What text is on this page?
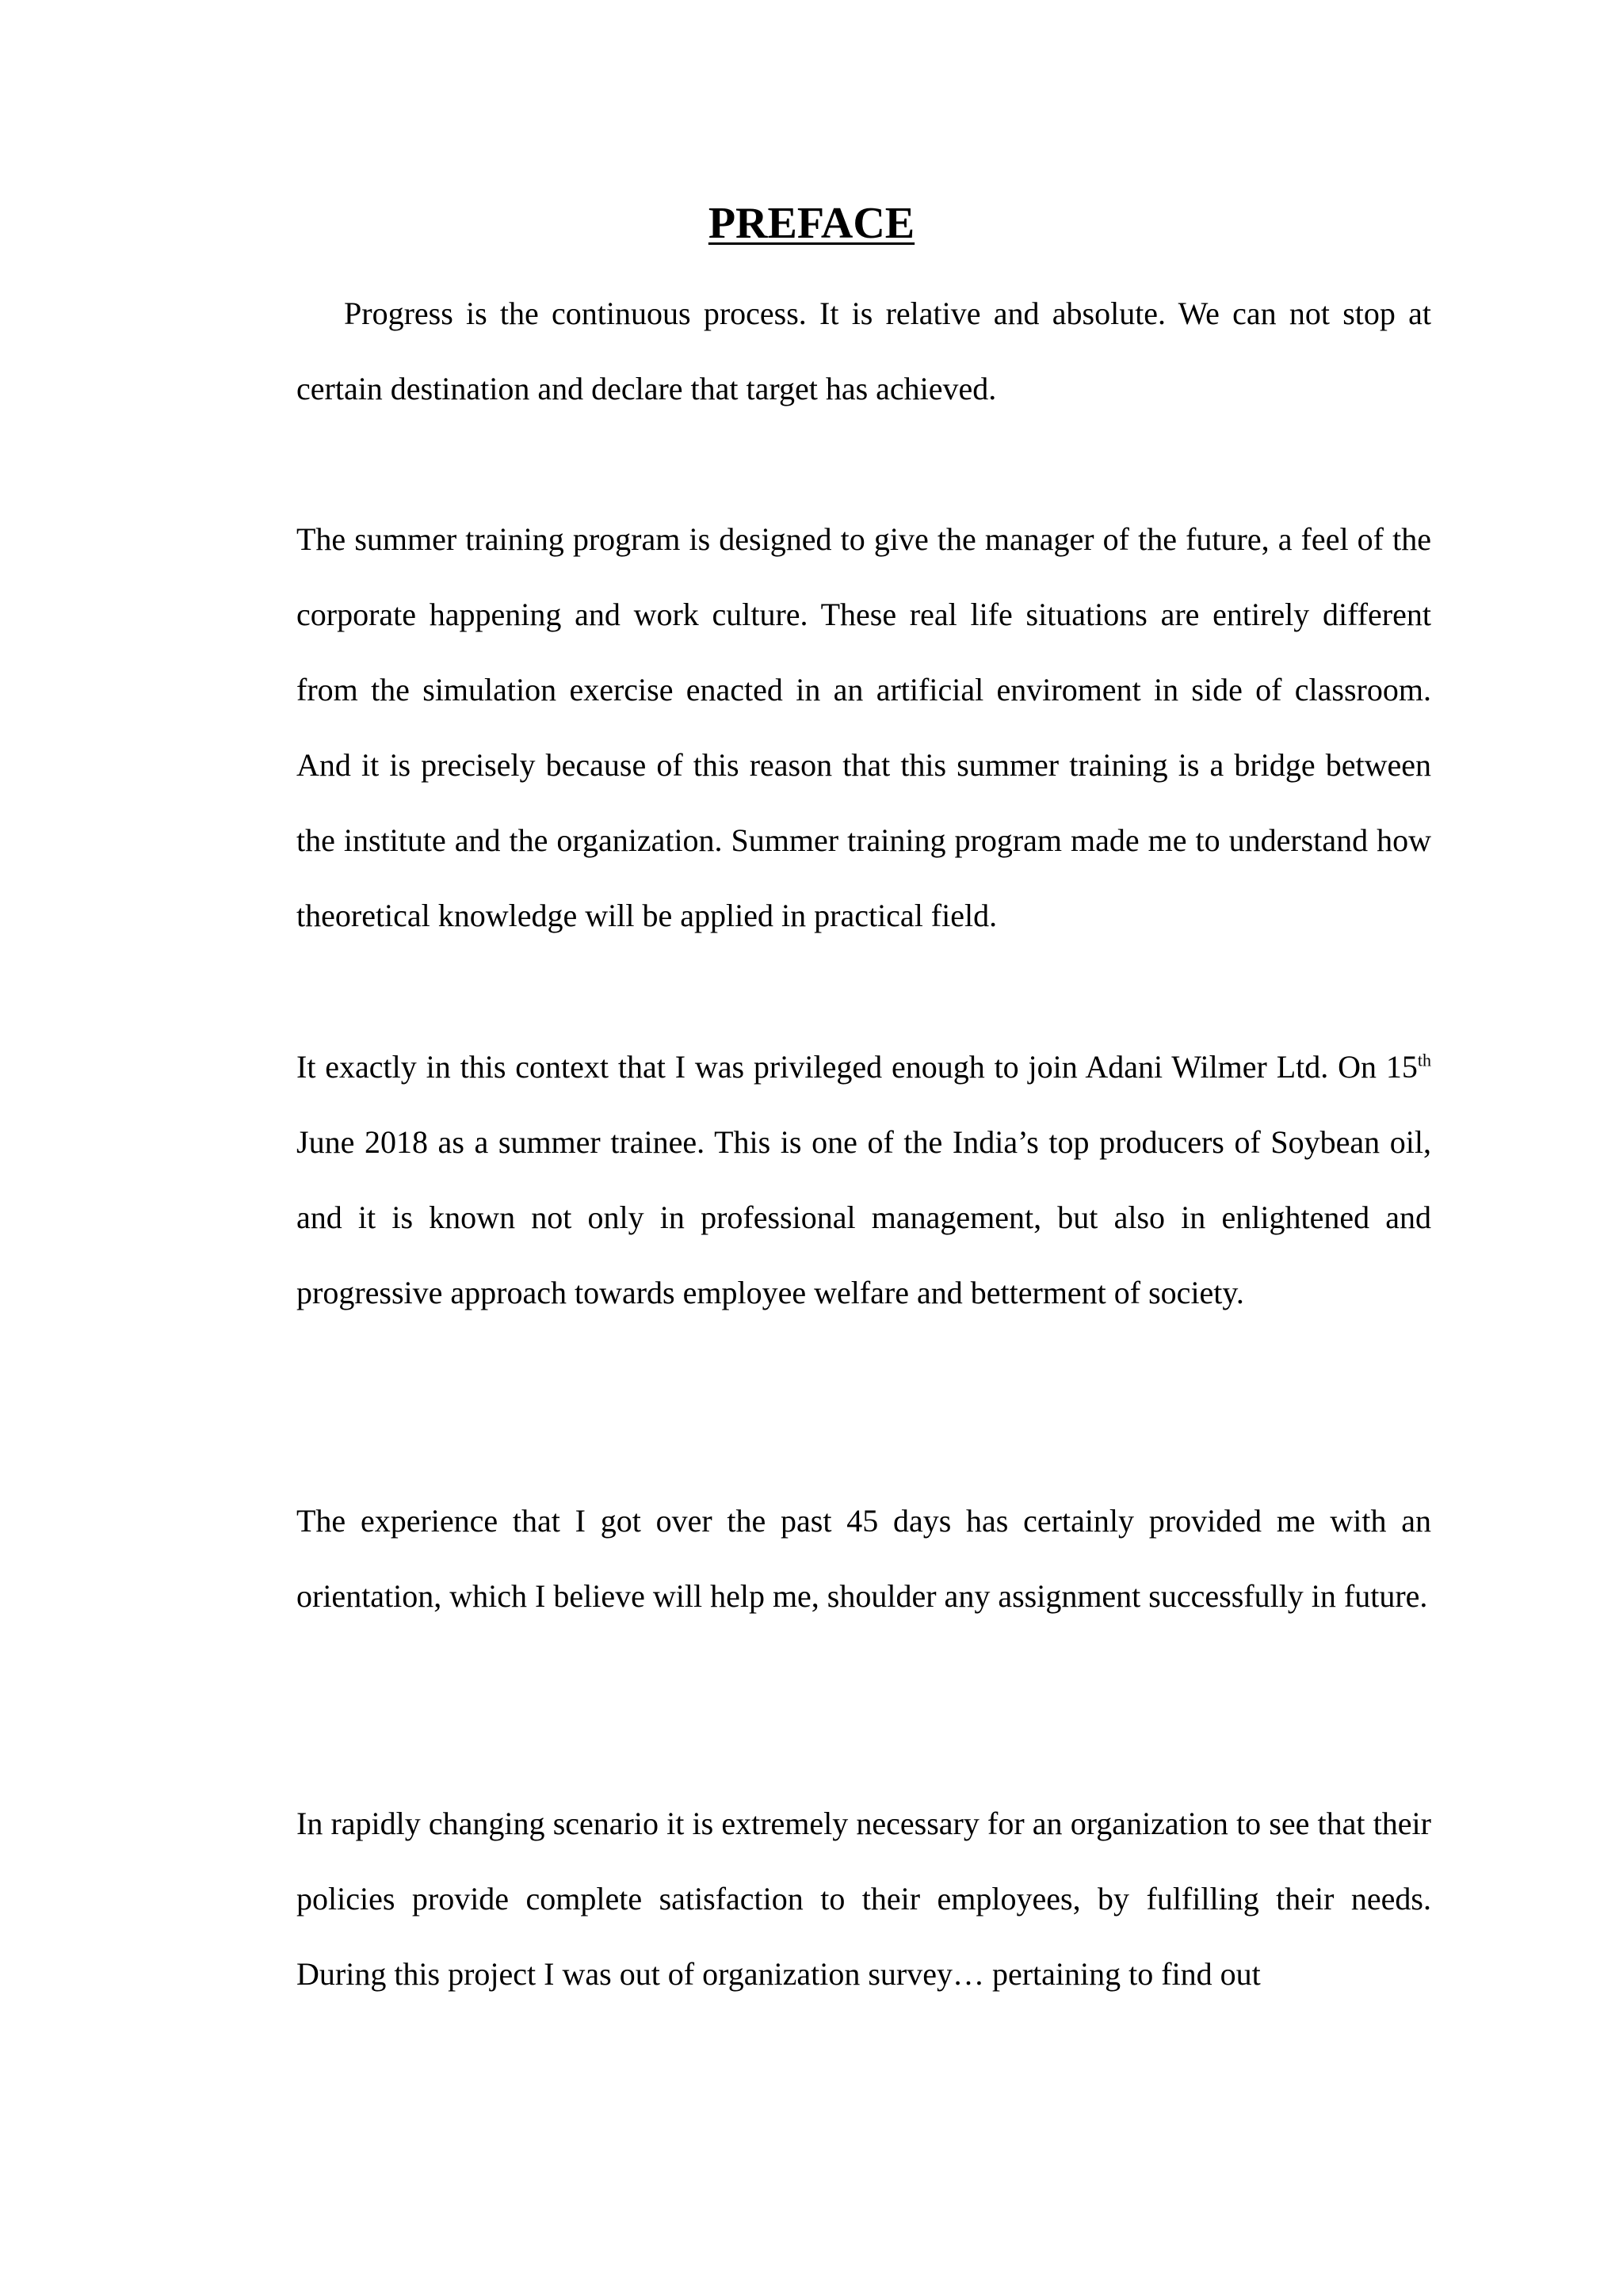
PREFACE

Progress is the continuous process. It is relative and absolute. We can not stop at certain destination and declare that target has achieved.

The summer training program is designed to give the manager of the future, a feel of the corporate happening and work culture. These real life situations are entirely different from the simulation exercise enacted in an artificial enviroment in side of classroom. And it is precisely because of this reason that this summer training is a bridge between the institute and the organization. Summer training program made me to understand how theoretical knowledge will be applied in practical field.

It exactly in this context that I was privileged enough to join Adani Wilmer Ltd. On 15th June 2018 as a summer trainee. This is one of the India’s top producers of Soybean oil, and it is known not only in professional management, but also in enlightened and progressive approach towards employee welfare and betterment of society.

The experience that I got over the past 45 days has certainly provided me with an orientation, which I believe will help me, shoulder any assignment successfully in future.

In rapidly changing scenario it is extremely necessary for an organization to see that their policies provide complete satisfaction to their employees, by fulfilling their needs. During this project I was out of organization survey… pertaining to find out
